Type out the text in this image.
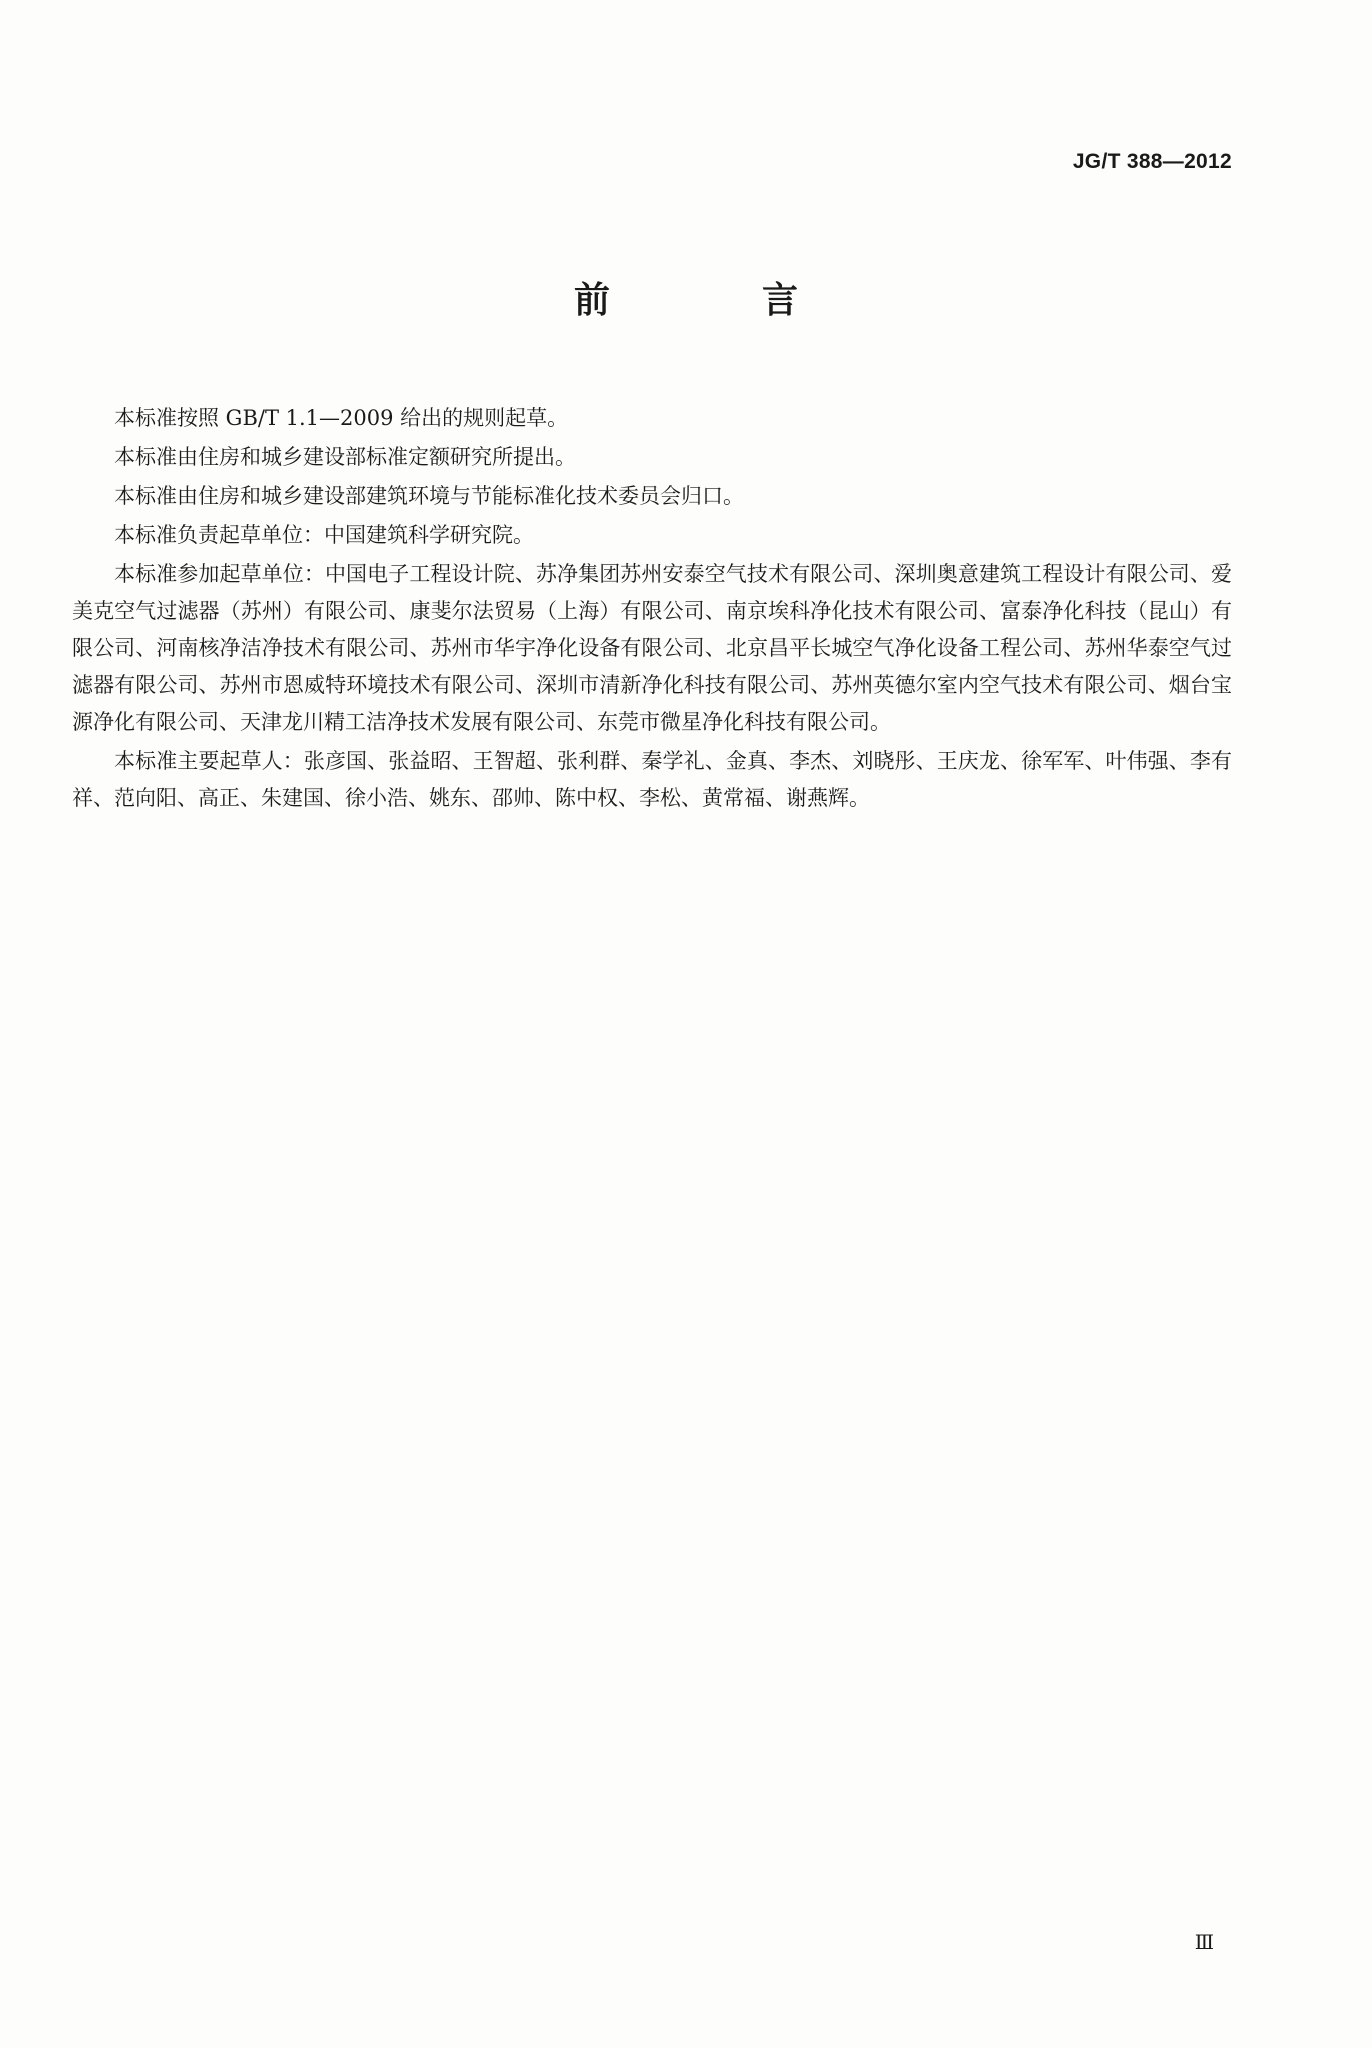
JG/T 388—2012
前　言

本标准按照 GB/T 1.1—2009 给出的规则起草。

本标准由住房和城乡建设部标准定额研究所提出。

本标准由住房和城乡建设部建筑环境与节能标准化技术委员会归口。

本标准负责起草单位：中国建筑科学研究院。

本标准参加起草单位：中国电子工程设计院、苏净集团苏州安泰空气技术有限公司、深圳奥意建筑工程设计有限公司、爱美克空气过滤器（苏州）有限公司、康斐尔法贸易（上海）有限公司、南京埃科净化技术有限公司、富泰净化科技（昆山）有限公司、河南核净洁净技术有限公司、苏州市华宇净化设备有限公司、北京昌平长城空气净化设备工程公司、苏州华泰空气过滤器有限公司、苏州市恩威特环境技术有限公司、深圳市清新净化科技有限公司、苏州英德尔室内空气技术有限公司、烟台宝源净化有限公司、天津龙川精工洁净技术发展有限公司、东莞市微星净化科技有限公司。

本标准主要起草人：张彦国、张益昭、王智超、张利群、秦学礼、金真、李杰、刘晓彤、王庆龙、徐军军、叶伟强、李有祥、范向阳、高正、朱建国、徐小浩、姚东、邵帅、陈中权、李松、黄常福、谢燕辉。

Ⅲ
